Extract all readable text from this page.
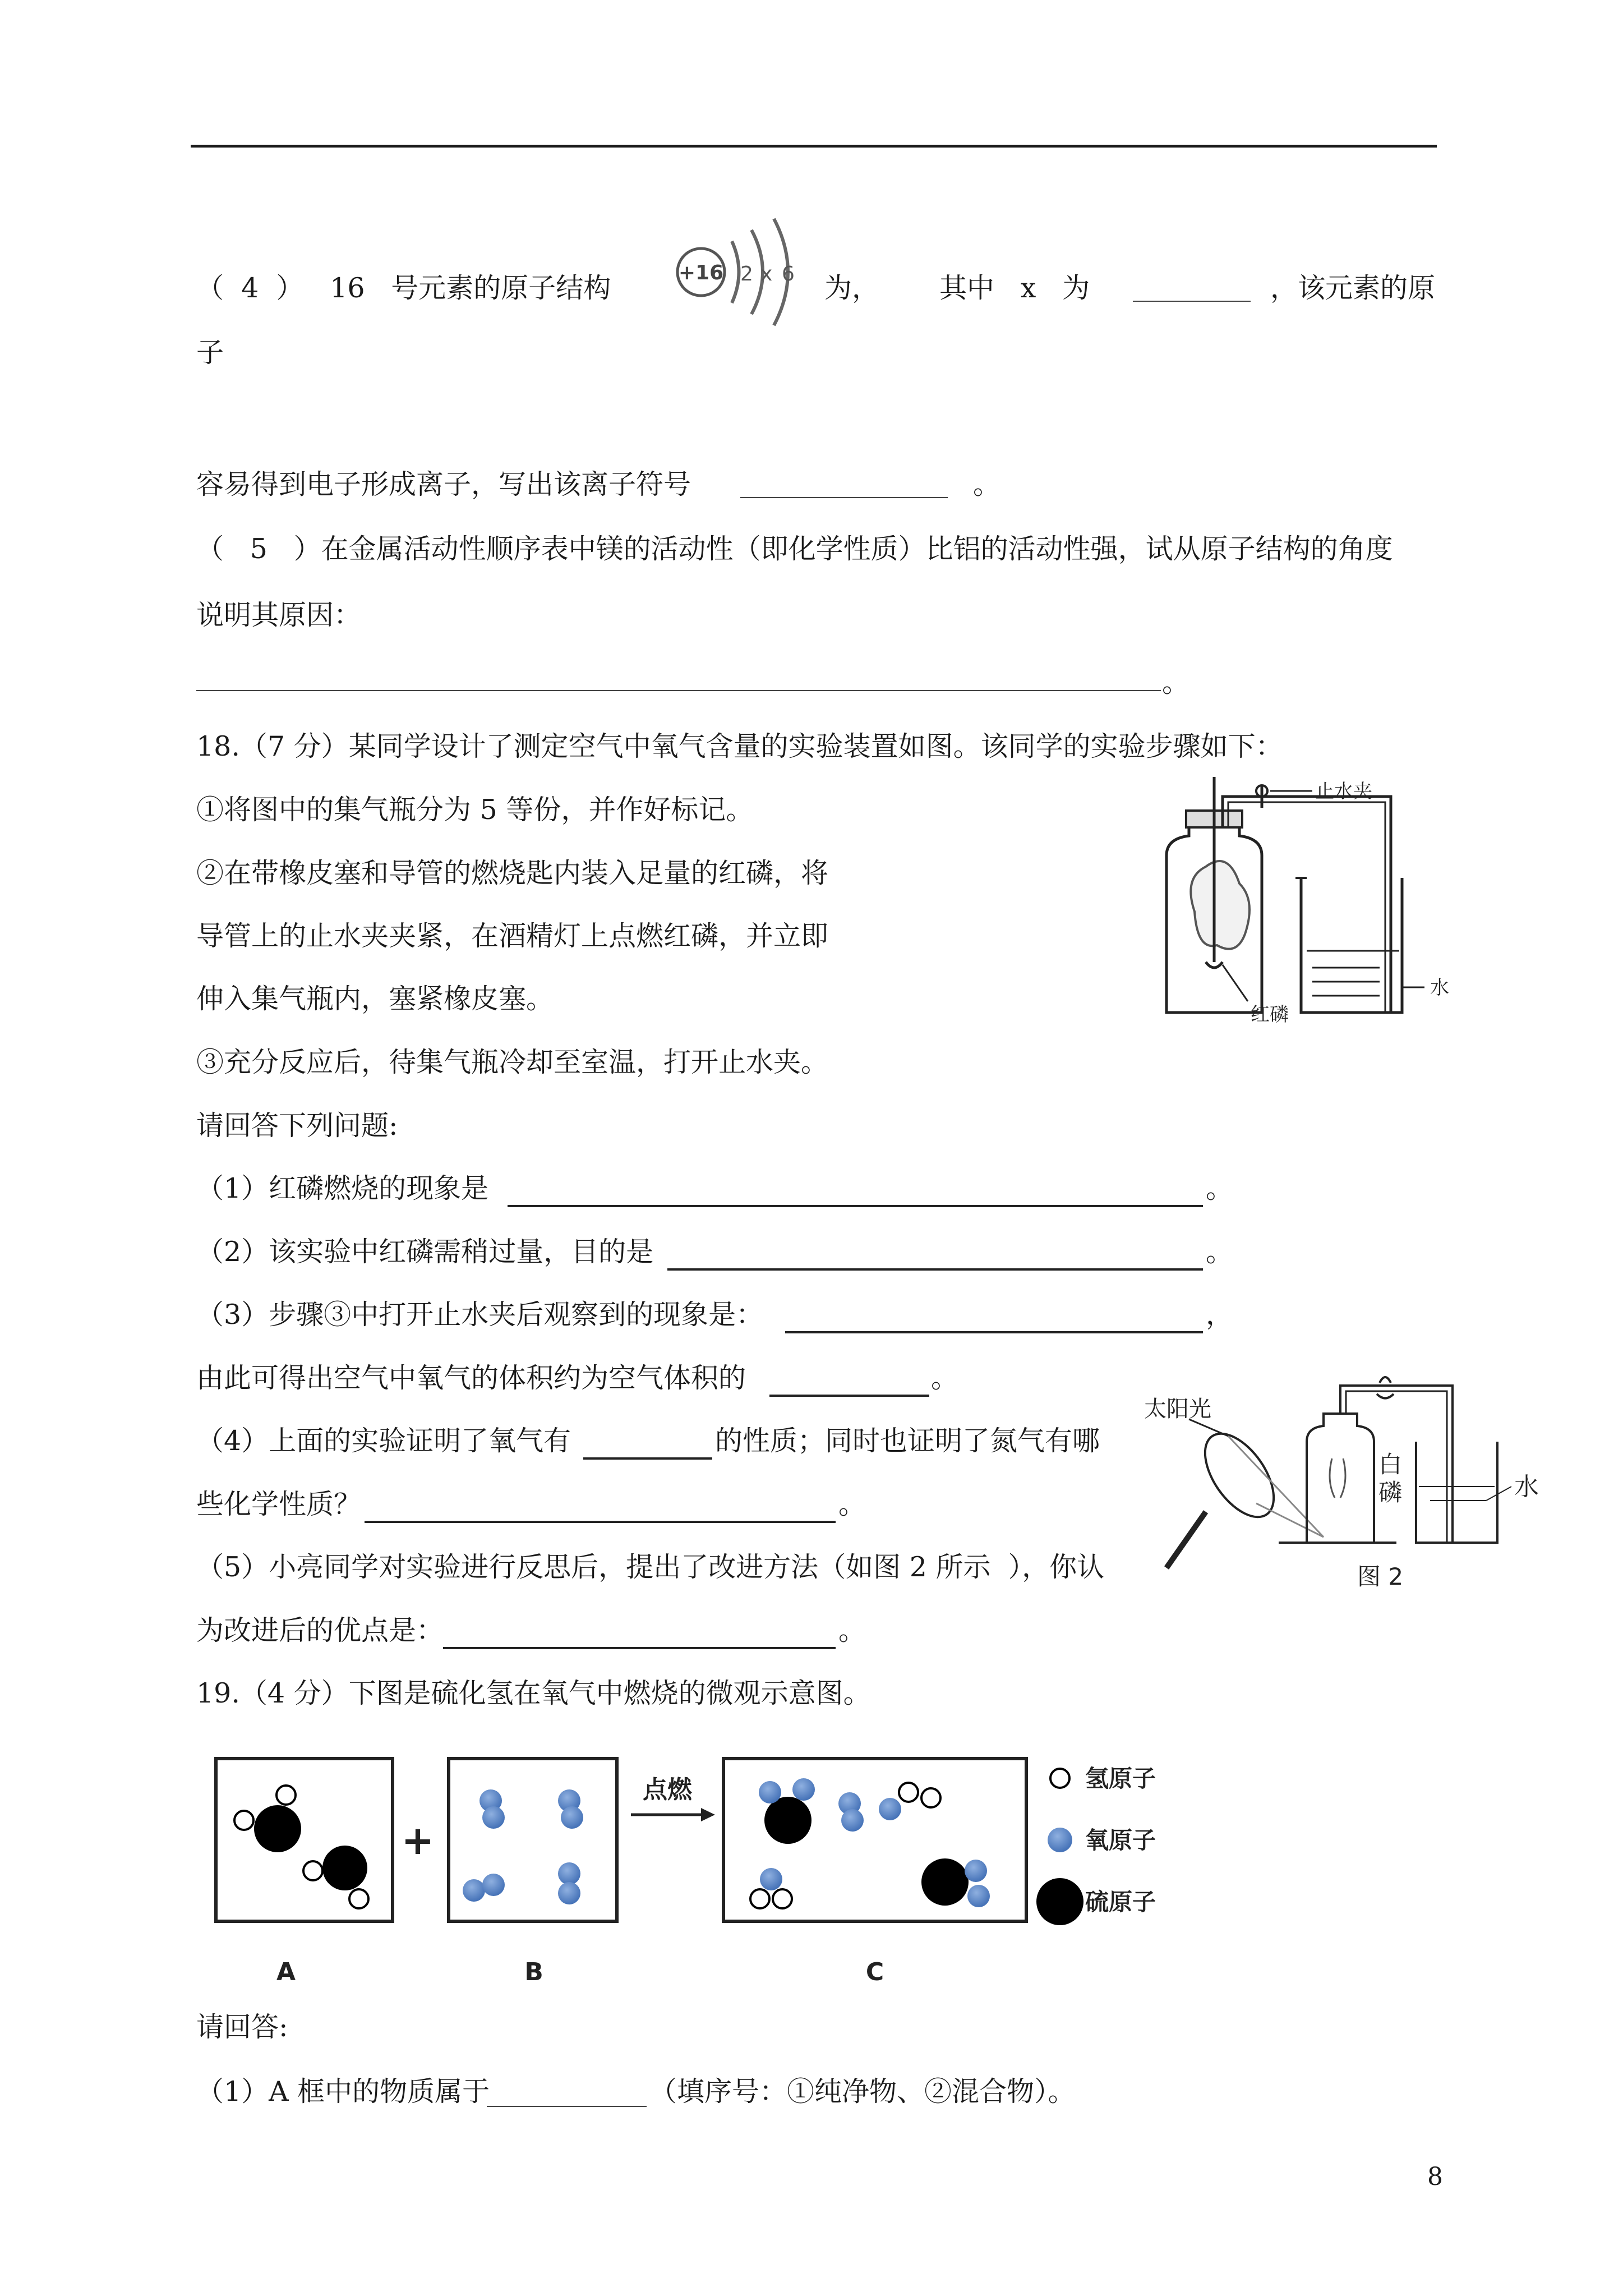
（  4  ）   16   号元素的原子结构	+16 2 x 6 为， 其中   x   为	，该元素的原
子
容易得到电子形成离子，写出该离子符号	。
（   5   ）在金属活动性顺序表中镁的活动性（即化学性质）比铝的活动性强，试从原子结构的角度
说明其原因：
。
18.（7 分）某同学设计了测定空气中氧气含量的实验装置如图。该同学的实验步骤如下：
①将图中的集气瓶分为 5 等份，并作好标记。
②在带橡皮塞和导管的燃烧匙内装入足量的红磷，将
导管上的止水夹夹紧，在酒精灯上点燃红磷，并立即
伸入集气瓶内，塞紧橡皮塞。
③充分反应后，待集气瓶冷却至室温，打开止水夹。
请回答下列问题:
止水夹
水
红磷
（1）红磷燃烧的现象是	。
（2）该实验中红磷需稍过量，目的是	。
（3）步骤③中打开止水夹后观察到的现象是：	，
由此可得出空气中氧气的体积约为空气体积的	。
（4）上面的实验证明了氧气有	的性质；同时也证明了氮气有哪
些化学性质？	。
（5）小亮同学对实验进行反思后，提出了改进方法（如图 2 所示  ），你认
为改进后的优点是：	。
太阳光
白
磷	水
图 2
19.（4 分）下图是硫化氢在氧气中燃烧的微观示意图。
+
点燃
A	B	C
氢原子
氧原子
硫原子
请回答:
（1）A 框中的物质属于	（填序号：①纯净物、②混合物）。
8
